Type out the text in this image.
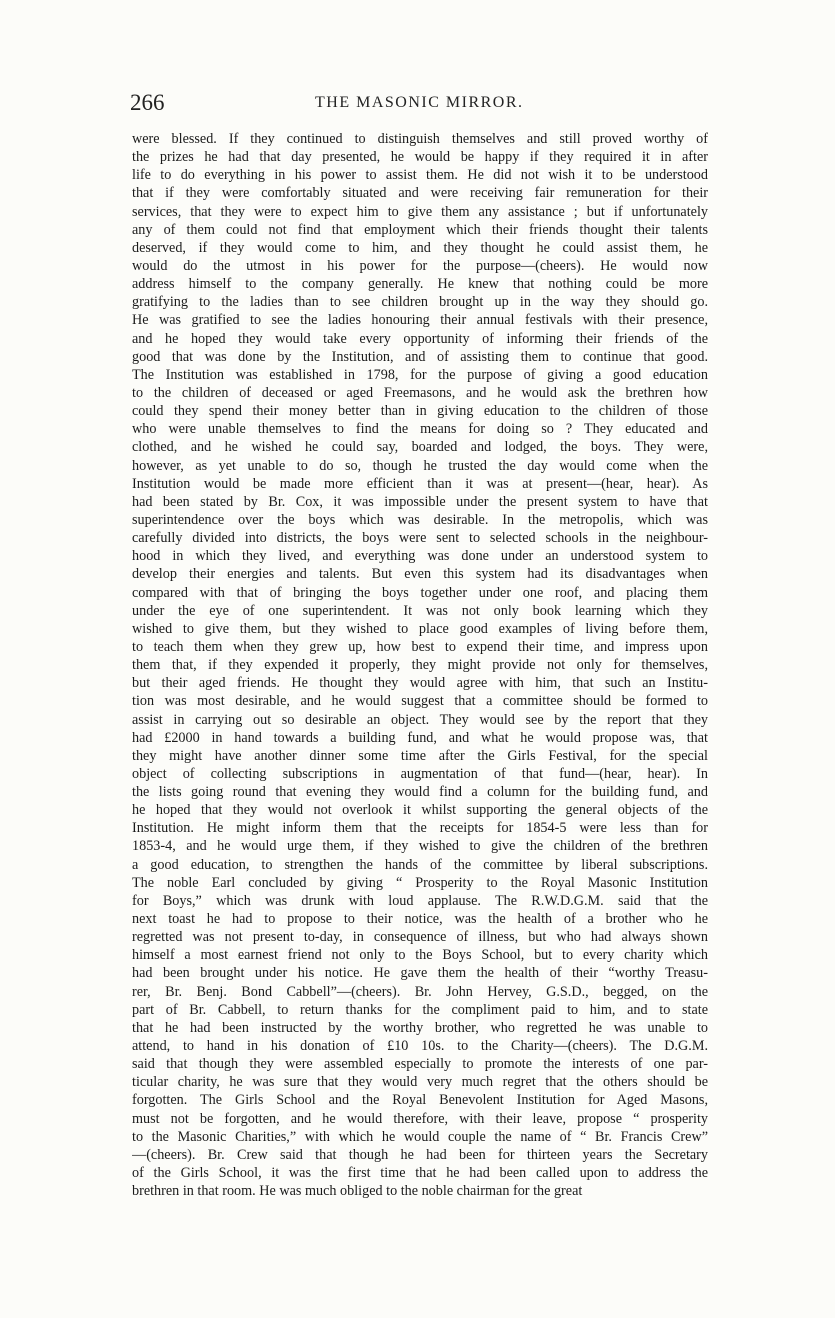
266	THE MASONIC MIRROR.
were blessed. If they continued to distinguish themselves and still proved worthy of
the prizes he had that day presented, he would be happy if they required it in after
life to do everything in his power to assist them. He did not wish it to be understood
that if they were comfortably situated and were receiving fair remuneration for their
services, that they were to expect him to give them any assistance ; but if unfortunately
any of them could not find that employment which their friends thought their talents
deserved, if they would come to him, and they thought he could assist them, he
would do the utmost in his power for the purpose—(cheers). He would now
address himself to the company generally. He knew that nothing could be more
gratifying to the ladies than to see children brought up in the way they should go.
He was gratified to see the ladies honouring their annual festivals with their presence,
and he hoped they would take every opportunity of informing their friends of the
good that was done by the Institution, and of assisting them to continue that good.
The Institution was established in 1798, for the purpose of giving a good education
to the children of deceased or aged Freemasons, and he would ask the brethren how
could they spend their money better than in giving education to the children of those
who were unable themselves to find the means for doing so ? They educated and
clothed, and he wished he could say, boarded and lodged, the boys. They were,
however, as yet unable to do so, though he trusted the day would come when the
Institution would be made more efficient than it was at present—(hear, hear). As
had been stated by Br. Cox, it was impossible under the present system to have that
superintendence over the boys which was desirable. In the metropolis, which was
carefully divided into districts, the boys were sent to selected schools in the neighbour-
hood in which they lived, and everything was done under an understood system to
develop their energies and talents. But even this system had its disadvantages when
compared with that of bringing the boys together under one roof, and placing them
under the eye of one superintendent. It was not only book learning which they
wished to give them, but they wished to place good examples of living before them,
to teach them when they grew up, how best to expend their time, and impress upon
them that, if they expended it properly, they might provide not only for themselves,
but their aged friends. He thought they would agree with him, that such an Institu-
tion was most desirable, and he would suggest that a committee should be formed to
assist in carrying out so desirable an object. They would see by the report that they
had £2000 in hand towards a building fund, and what he would propose was, that
they might have another dinner some time after the Girls Festival, for the special
object of collecting subscriptions in augmentation of that fund—(hear, hear). In
the lists going round that evening they would find a column for the building fund, and
he hoped that they would not overlook it whilst supporting the general objects of the
Institution. He might inform them that the receipts for 1854-5 were less than for
1853-4, and he would urge them, if they wished to give the children of the brethren
a good education, to strengthen the hands of the committee by liberal subscriptions.
The noble Earl concluded by giving “ Prosperity to the Royal Masonic Institution
for Boys,” which was drunk with loud applause. The R.W.D.G.M. said that the
next toast he had to propose to their notice, was the health of a brother who he
regretted was not present to-day, in consequence of illness, but who had always shown
himself a most earnest friend not only to the Boys School, but to every charity which
had been brought under his notice. He gave them the health of their “worthy Treasu-
rer, Br. Benj. Bond Cabbell”—(cheers). Br. John Hervey, G.S.D., begged, on the
part of Br. Cabbell, to return thanks for the compliment paid to him, and to state
that he had been instructed by the worthy brother, who regretted he was unable to
attend, to hand in his donation of £10 10s. to the Charity—(cheers). The D.G.M.
said that though they were assembled especially to promote the interests of one par-
ticular charity, he was sure that they would very much regret that the others should be
forgotten. The Girls School and the Royal Benevolent Institution for Aged Masons,
must not be forgotten, and he would therefore, with their leave, propose “ prosperity
to the Masonic Charities,” with which he would couple the name of “ Br. Francis Crew”
—(cheers). Br. Crew said that though he had been for thirteen years the Secretary
of the Girls School, it was the first time that he had been called upon to address the
brethren in that room. He was much obliged to the noble chairman for the great
